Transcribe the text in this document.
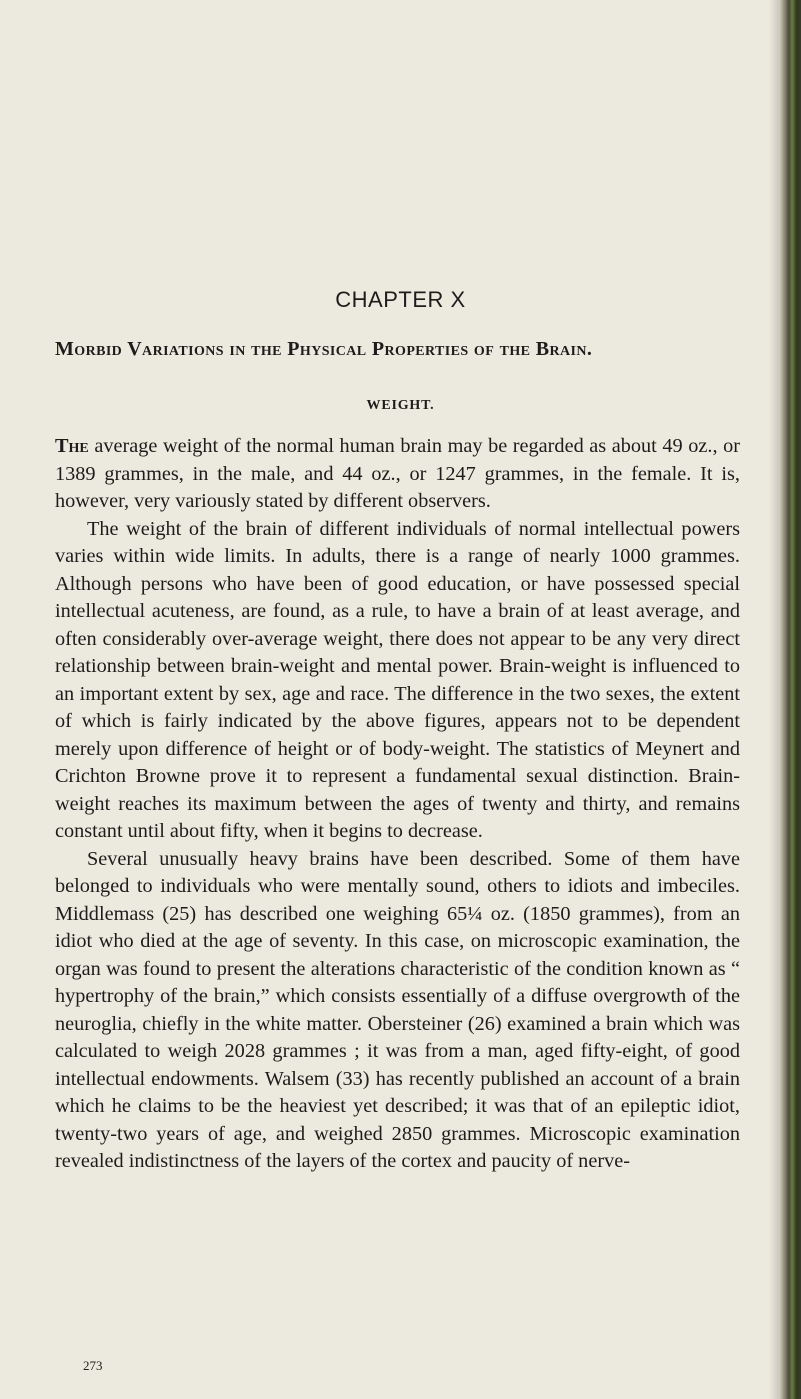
CHAPTER X
Morbid Variations in the Physical Properties of the Brain.
WEIGHT.

The average weight of the normal human brain may be regarded as about 49 oz., or 1389 grammes, in the male, and 44 oz., or 1247 grammes, in the female. It is, however, very variously stated by different observers.

The weight of the brain of different individuals of normal intellectual powers varies within wide limits. In adults, there is a range of nearly 1000 grammes. Although persons who have been of good education, or have possessed special intellectual acuteness, are found, as a rule, to have a brain of at least average, and often considerably over-average weight, there does not appear to be any very direct relationship between brain-weight and mental power. Brain-weight is influenced to an important extent by sex, age and race. The difference in the two sexes, the extent of which is fairly indicated by the above figures, appears not to be dependent merely upon difference of height or of body-weight. The statistics of Meynert and Crichton Browne prove it to represent a fundamental sexual distinction. Brain-weight reaches its maximum between the ages of twenty and thirty, and remains constant until about fifty, when it begins to decrease.

Several unusually heavy brains have been described. Some of them have belonged to individuals who were mentally sound, others to idiots and imbeciles. Middlemass (25) has described one weighing 65¼ oz. (1850 grammes), from an idiot who died at the age of seventy. In this case, on microscopic examination, the organ was found to present the alterations characteristic of the condition known as “ hypertrophy of the brain,” which consists essentially of a diffuse overgrowth of the neuroglia, chiefly in the white matter. Obersteiner (26) examined a brain which was calculated to weigh 2028 grammes ; it was from a man, aged fifty-eight, of good intellectual endowments. Walsem (33) has recently published an account of a brain which he claims to be the heaviest yet described; it was that of an epileptic idiot, twenty-two years of age, and weighed 2850 grammes. Microscopic examination revealed indistinctness of the layers of the cortex and paucity of nerve-

273
